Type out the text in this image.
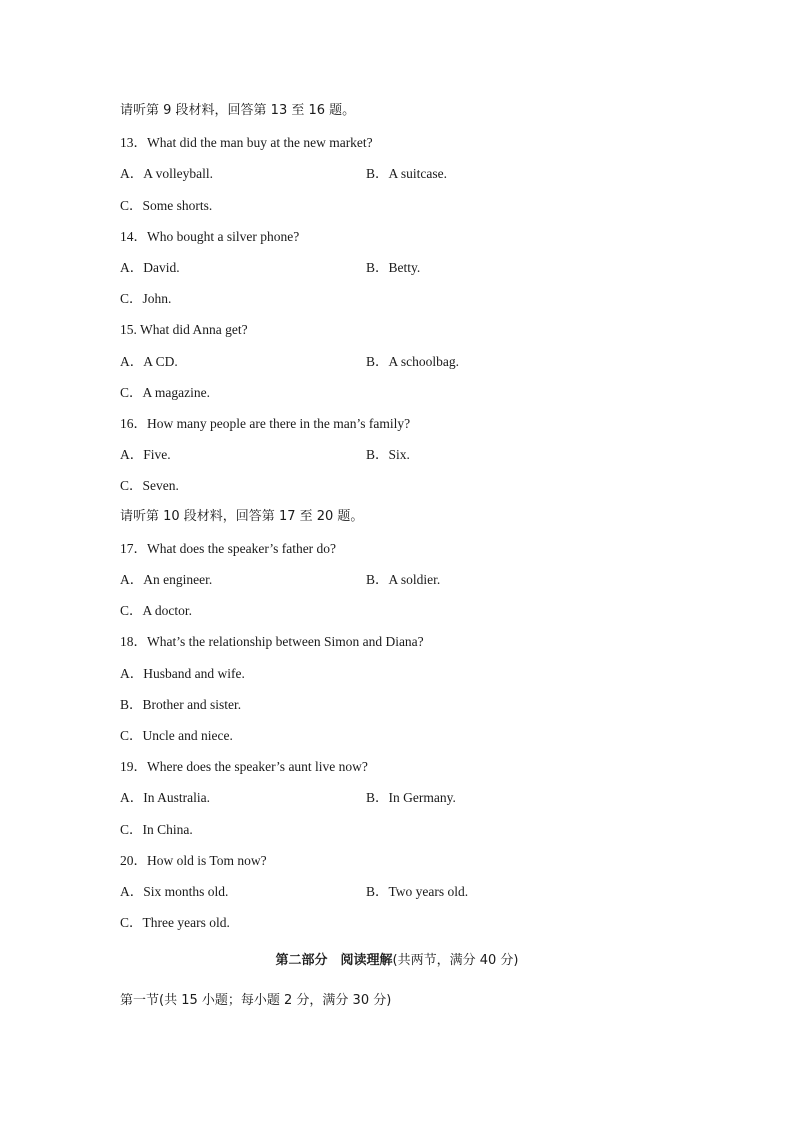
请听第 9 段材料，回答第 13 至 16 题。
13．What did the man buy at the new market?
A．A volleyball.	B．A suitcase.
C．Some shorts.
14．Who bought a silver phone?
A．David.	B．Betty.
C．John.
15. What did Anna get?
A．A CD.	B．A schoolbag.
C．A magazine.
16．How many people are there in the man’s family?
A．Five.	B．Six.
C．Seven.
请听第 10 段材料，回答第 17 至 20 题。
17．What does the speaker’s father do?
A．An engineer.	B．A soldier.
C．A doctor.
18．What’s the relationship between Simon and Diana?
A．Husband and wife.
B．Brother and sister.
C．Uncle and niece.
19．Where does the speaker’s aunt live now?
A．In Australia.	B．In Germany.
C．In China.
20．How old is Tom now?
A．Six months old.	B．Two years old.
C．Three years old.
第二部分　阅读理解(共两节，满分 40 分)
第一节(共 15 小题；每小题 2 分，满分 30 分)
